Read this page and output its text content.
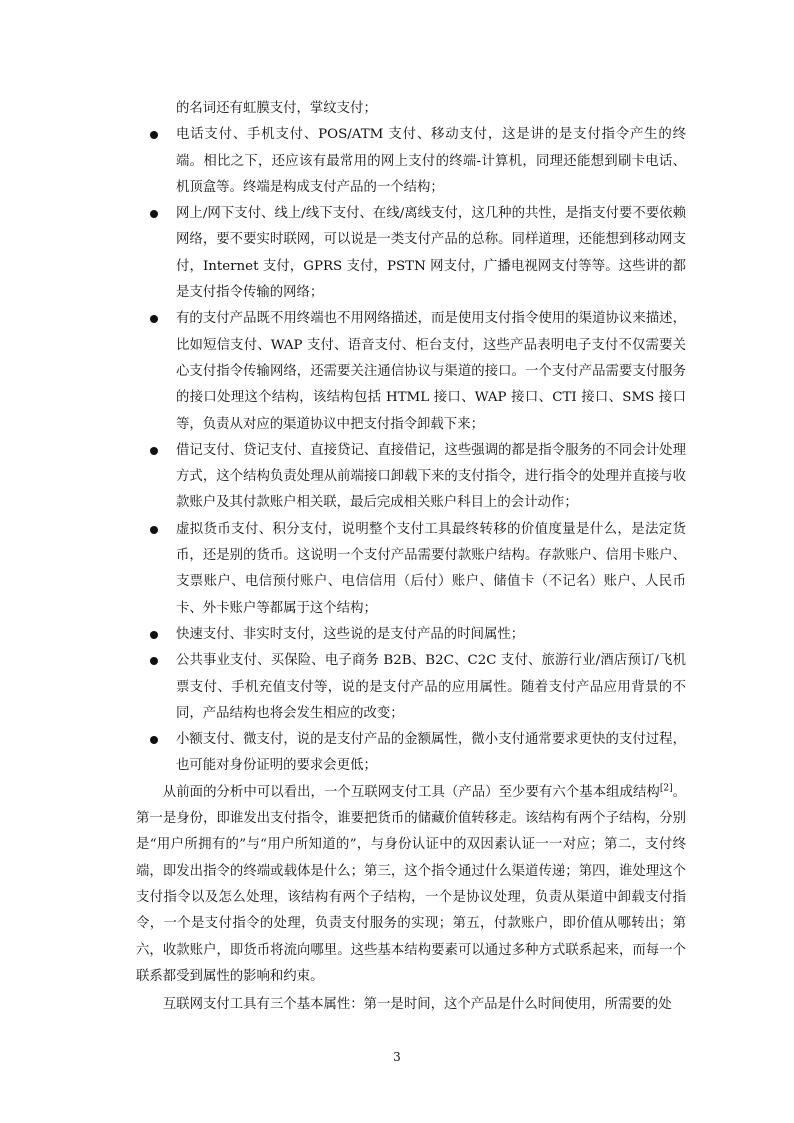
的名词还有虹膜支付，掌纹支付；

电话支付、手机支付、POS/ATM 支付、移动支付，这是讲的是支付指令产生的终端。相比之下，还应该有最常用的网上支付的终端-计算机，同理还能想到刷卡电话、机顶盒等。终端是构成支付产品的一个结构；
网上/网下支付、线上/线下支付、在线/离线支付，这几种的共性，是指支付要不要依赖网络，要不要实时联网，可以说是一类支付产品的总称。同样道理，还能想到移动网支付，Internet 支付，GPRS 支付，PSTN 网支付，广播电视网支付等等。这些讲的都是支付指令传输的网络；
有的支付产品既不用终端也不用网络描述，而是使用支付指令使用的渠道协议来描述，比如短信支付、WAP 支付、语音支付、柜台支付，这些产品表明电子支付不仅需要关心支付指令传输网络，还需要关注通信协议与渠道的接口。一个支付产品需要支付服务的接口处理这个结构，该结构包括 HTML 接口、WAP 接口、CTI 接口、SMS 接口等，负责从对应的渠道协议中把支付指令卸载下来；
借记支付、贷记支付、直接贷记、直接借记，这些强调的都是指令服务的不同会计处理方式，这个结构负责处理从前端接口卸载下来的支付指令，进行指令的处理并直接与收款账户及其付款账户相关联，最后完成相关账户科目上的会计动作；
虚拟货币支付、积分支付，说明整个支付工具最终转移的价值度量是什么，是法定货币，还是别的货币。这说明一个支付产品需要付款账户结构。存款账户、信用卡账户、支票账户、电信预付账户、电信信用（后付）账户、储值卡（不记名）账户、人民币卡、外卡账户等都属于这个结构；
快速支付、非实时支付，这些说的是支付产品的时间属性；
公共事业支付、买保险、电子商务 B2B、B2C、C2C 支付、旅游行业/酒店预订/飞机票支付、手机充值支付等，说的是支付产品的应用属性。随着支付产品应用背景的不同，产品结构也将会发生相应的改变；
小额支付、微支付，说的是支付产品的金额属性，微小支付通常要求更快的支付过程，也可能对身份证明的要求会更低；

从前面的分析中可以看出，一个互联网支付工具（产品）至少要有六个基本组成结构[2]。第一是身份，即谁发出支付指令，谁要把货币的储藏价值转移走。该结构有两个子结构，分别是“用户所拥有的”与“用户所知道的”，与身份认证中的双因素认证一一对应；第二，支付终端，即发出指令的终端或载体是什么；第三，这个指令通过什么渠道传递；第四，谁处理这个支付指令以及怎么处理，该结构有两个子结构，一个是协议处理，负责从渠道中卸载支付指令，一个是支付指令的处理，负责支付服务的实现；第五，付款账户，即价值从哪转出；第六，收款账户，即货币将流向哪里。这些基本结构要素可以通过多种方式联系起来，而每一个联系都受到属性的影响和约束。

互联网支付工具有三个基本属性：第一是时间，这个产品是什么时间使用，所需要的处

3
